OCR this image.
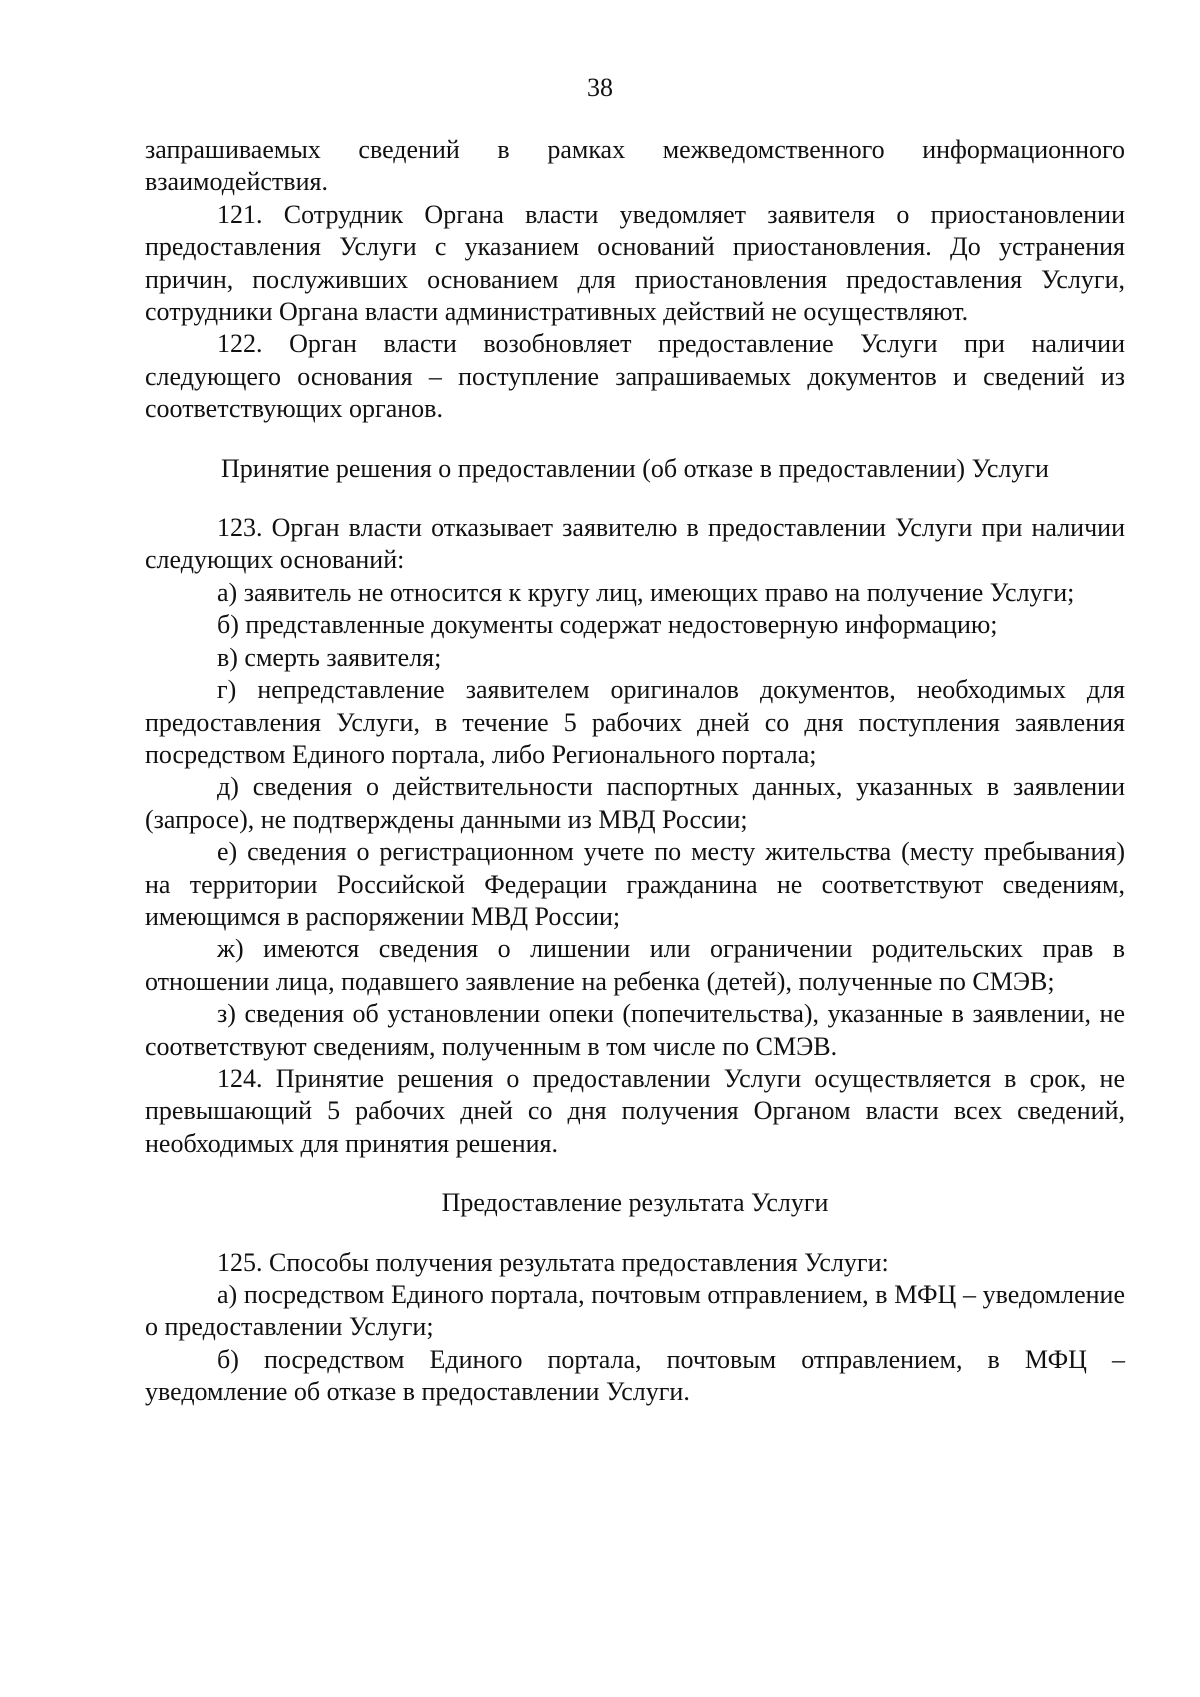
38

запрашиваемых сведений в рамках межведомственного информационного взаимодействия.

121. Сотрудник Органа власти уведомляет заявителя о приостановлении предоставления Услуги с указанием оснований приостановления. До устранения причин, послуживших основанием для приостановления предоставления Услуги, сотрудники Органа власти административных действий не осуществляют.

122. Орган власти возобновляет предоставление Услуги при наличии следующего основания – поступление запрашиваемых документов и сведений из соответствующих органов.

Принятие решения о предоставлении (об отказе в предоставлении) Услуги

123. Орган власти отказывает заявителю в предоставлении Услуги при наличии следующих оснований:

а) заявитель не относится к кругу лиц, имеющих право на получение Услуги;

б) представленные документы содержат недостоверную информацию;

в) смерть заявителя;

г) непредставление заявителем оригиналов документов, необходимых для предоставления Услуги, в течение 5 рабочих дней со дня поступления заявления посредством Единого портала, либо Регионального портала;

д) сведения о действительности паспортных данных, указанных в заявлении (запросе), не подтверждены данными из МВД России;

е) сведения о регистрационном учете по месту жительства (месту пребывания) на территории Российской Федерации гражданина не соответствуют сведениям, имеющимся в распоряжении МВД России;

ж) имеются сведения о лишении или ограничении родительских прав в отношении лица, подавшего заявление на ребенка (детей), полученные по СМЭВ;

з) сведения об установлении опеки (попечительства), указанные в заявлении, не соответствуют сведениям, полученным в том числе по СМЭВ.

124. Принятие решения о предоставлении Услуги осуществляется в срок, не превышающий 5 рабочих дней со дня получения Органом власти всех сведений, необходимых для принятия решения.

Предоставление результата Услуги

125. Способы получения результата предоставления Услуги:

а) посредством Единого портала, почтовым отправлением, в МФЦ – уведомление о предоставлении Услуги;

б) посредством Единого портала, почтовым отправлением, в МФЦ – уведомление об отказе в предоставлении Услуги.
